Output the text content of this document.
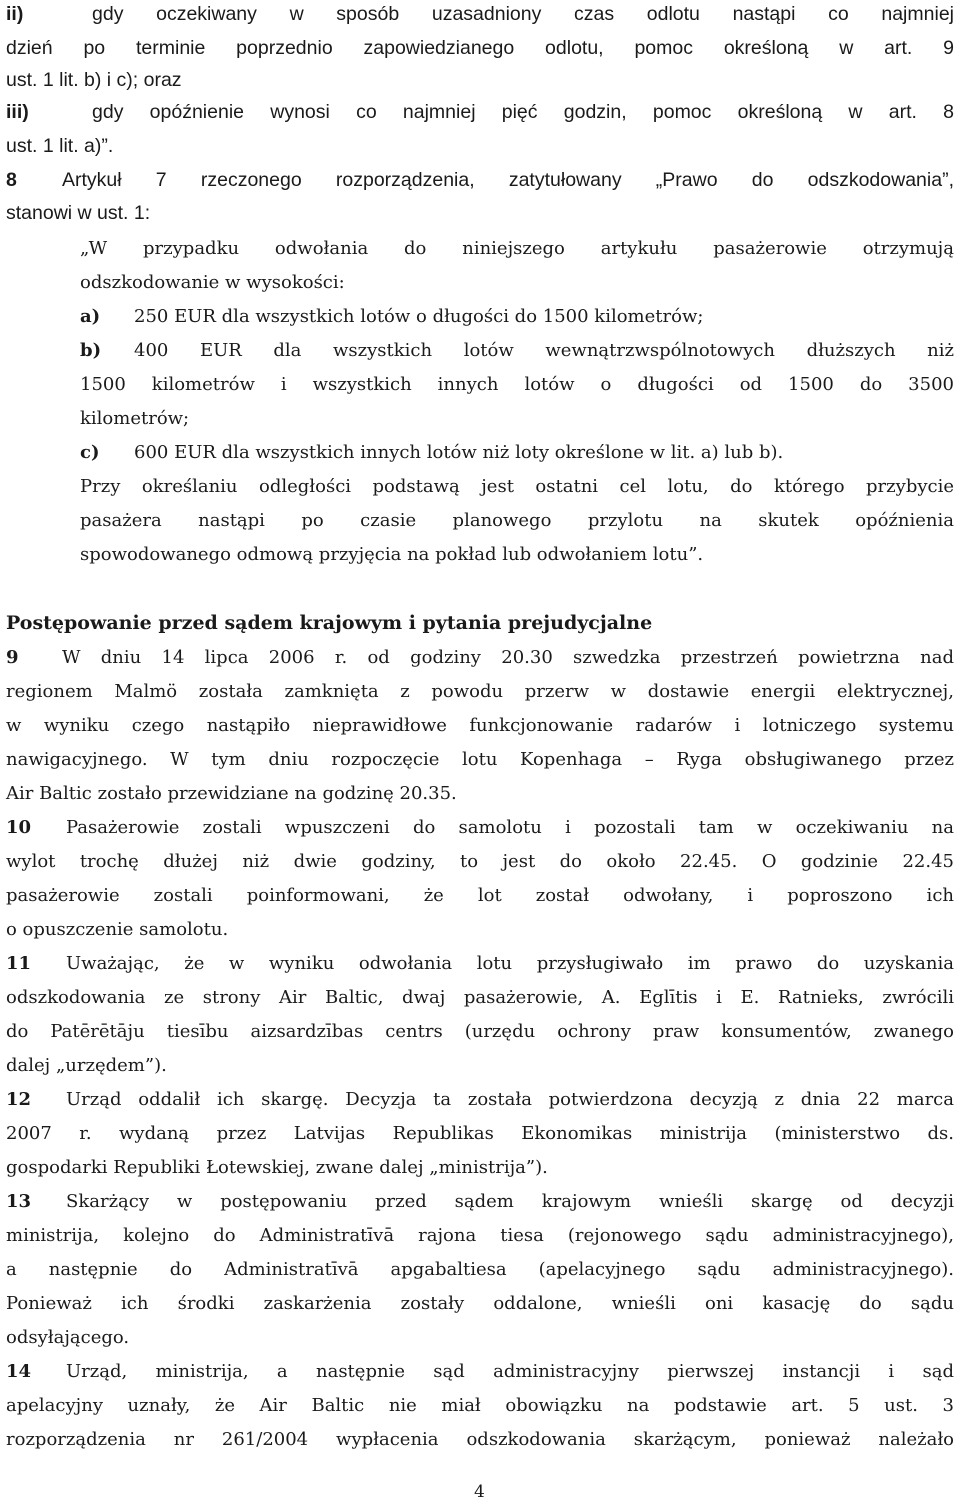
ii)	gdy oczekiwany w sposób uzasadniony czas odlotu nastąpi co najmniej
dzień po terminie poprzednio zapowiedzianego odlotu, pomoc określoną w art. 9
ust. 1 lit. b) i c); oraz
iii)	gdy opóźnienie wynosi co najmniej pięć godzin, pomoc określoną w art. 8
ust. 1 lit. a)”.
8 Artykuł 7 rzeczonego rozporządzenia, zatytułowany „Prawo do odszkodowania”,
stanowi w ust. 1:
„W przypadku odwołania do niniejszego artykułu pasażerowie otrzymują
odszkodowanie w wysokości:
a) 250 EUR dla wszystkich lotów o długości do 1500 kilometrów;
b) 400 EUR dla wszystkich lotów wewnątrzwspólnotowych dłuższych niż
1500 kilometrów i wszystkich innych lotów o długości od 1500 do 3500
kilometrów;
c) 600 EUR dla wszystkich innych lotów niż loty określone w lit. a) lub b).
Przy określaniu odległości podstawą jest ostatni cel lotu, do którego przybycie
pasażera nastąpi po czasie planowego przylotu na skutek opóźnienia
spowodowanego odmową przyjęcia na pokład lub odwołaniem lotu”.
Postępowanie przed sądem krajowym i pytania prejudycjalne
9 W dniu 14 lipca 2006 r. od godziny 20.30 szwedzka przestrzeń powietrzna nad
regionem Malmö została zamknięta z powodu przerw w dostawie energii elektrycznej,
w wyniku czego nastąpiło nieprawidłowe funkcjonowanie radarów i lotniczego systemu
nawigacyjnego. W tym dniu rozpoczęcie lotu Kopenhaga – Ryga obsługiwanego przez
Air Baltic zostało przewidziane na godzinę 20.35.
10 Pasażerowie zostali wpuszczeni do samolotu i pozostali tam w oczekiwaniu na
wylot trochę dłużej niż dwie godziny, to jest do około 22.45. O godzinie 22.45
pasażerowie zostali poinformowani, że lot został odwołany, i poproszono ich
o opuszczenie samolotu.
11 Uważając, że w wyniku odwołania lotu przysługiwało im prawo do uzyskania
odszkodowania ze strony Air Baltic, dwaj pasażerowie, A. Eglītis i E. Ratnieks, zwrócili
do Patērētāju tiesību aizsardzības centrs (urzędu ochrony praw konsumentów, zwanego
dalej „urzędem”).
12 Urząd oddalił ich skargę. Decyzja ta została potwierdzona decyzją z dnia 22 marca
2007 r. wydaną przez Latvijas Republikas Ekonomikas ministrija (ministerstwo ds.
gospodarki Republiki Łotewskiej, zwane dalej „ministrija”).
13 Skarżący w postępowaniu przed sądem krajowym wnieśli skargę od decyzji
ministrija, kolejno do Administratīvā rajona tiesa (rejonowego sądu administracyjnego),
a następnie do Administratīvā apgabaltiesa (apelacyjnego sądu administracyjnego).
Ponieważ ich środki zaskarżenia zostały oddalone, wnieśli oni kasację do sądu
odsyłającego.
14 Urząd, ministrija, a następnie sąd administracyjny pierwszej instancji i sąd
apelacyjny uznały, że Air Baltic nie miał obowiązku na podstawie art. 5 ust. 3
rozporządzenia nr 261/2004 wypłacenia odszkodowania skarżącym, ponieważ należało
4
